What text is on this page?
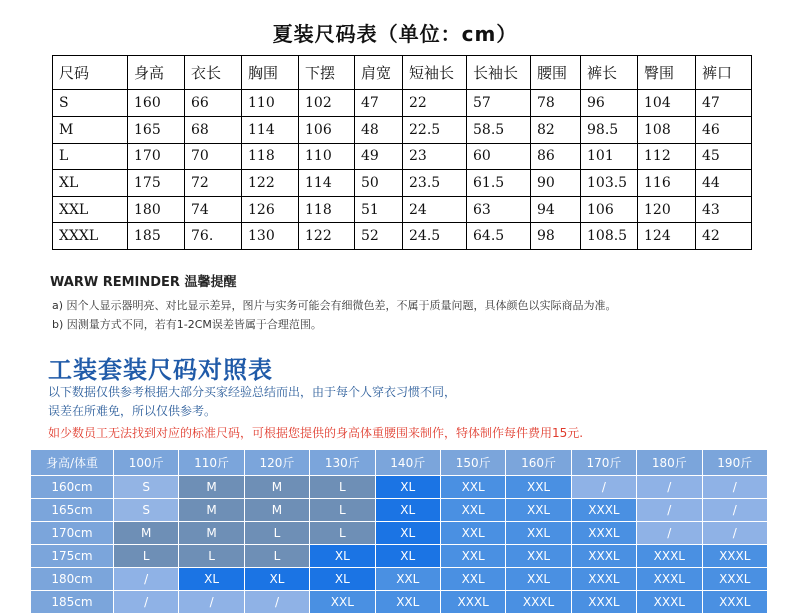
夏装尺码表（单位：cm）
尺码	身高	衣长	胸围	下摆	肩宽	短袖长	长袖长	腰围	裤长	臀围	裤口
S	160	66	110	102	47	22	57	78	96	104	47
M	165	68	114	106	48	22.5	58.5	82	98.5	108	46
L	170	70	118	110	49	23	60	86	101	112	45
XL	175	72	122	114	50	23.5	61.5	90	103.5	116	44
XXL	180	74	126	118	51	24	63	94	106	120	43
XXXL	185	76.	130	122	52	24.5	64.5	98	108.5	124	42
WARW REMINDER 温馨提醒
a) 因个人显示器明亮、对比显示差异，图片与实务可能会有细微色差，不属于质量问题，具体颜色以实际商品为准。
b) 因测量方式不同，若有1-2CM误差皆属于合理范围。
工装套装尺码对照表
以下数据仅供参考根据大部分买家经验总结而出，由于每个人穿衣习惯不同，
误差在所难免，所以仅供参考。
如少数员工无法找到对应的标准尺码，可根据您提供的身高体重腰围来制作，特体制作每件费用15元.
身高/体重	100斤	110斤	120斤	130斤	140斤	150斤	160斤	170斤	180斤	190斤
160cm	S	M	M	L	XL	XXL	XXL	/	/	/
165cm	S	M	M	L	XL	XXL	XXL	XXXL	/	/
170cm	M	M	L	L	XL	XXL	XXL	XXXL	/	/
175cm	L	L	L	XL	XL	XXL	XXL	XXXL	XXXL	XXXL
180cm	/	XL	XL	XL	XXL	XXL	XXL	XXXL	XXXL	XXXL
185cm	/	/	/	XXL	XXL	XXXL	XXXL	XXXL	XXXL	XXXL
